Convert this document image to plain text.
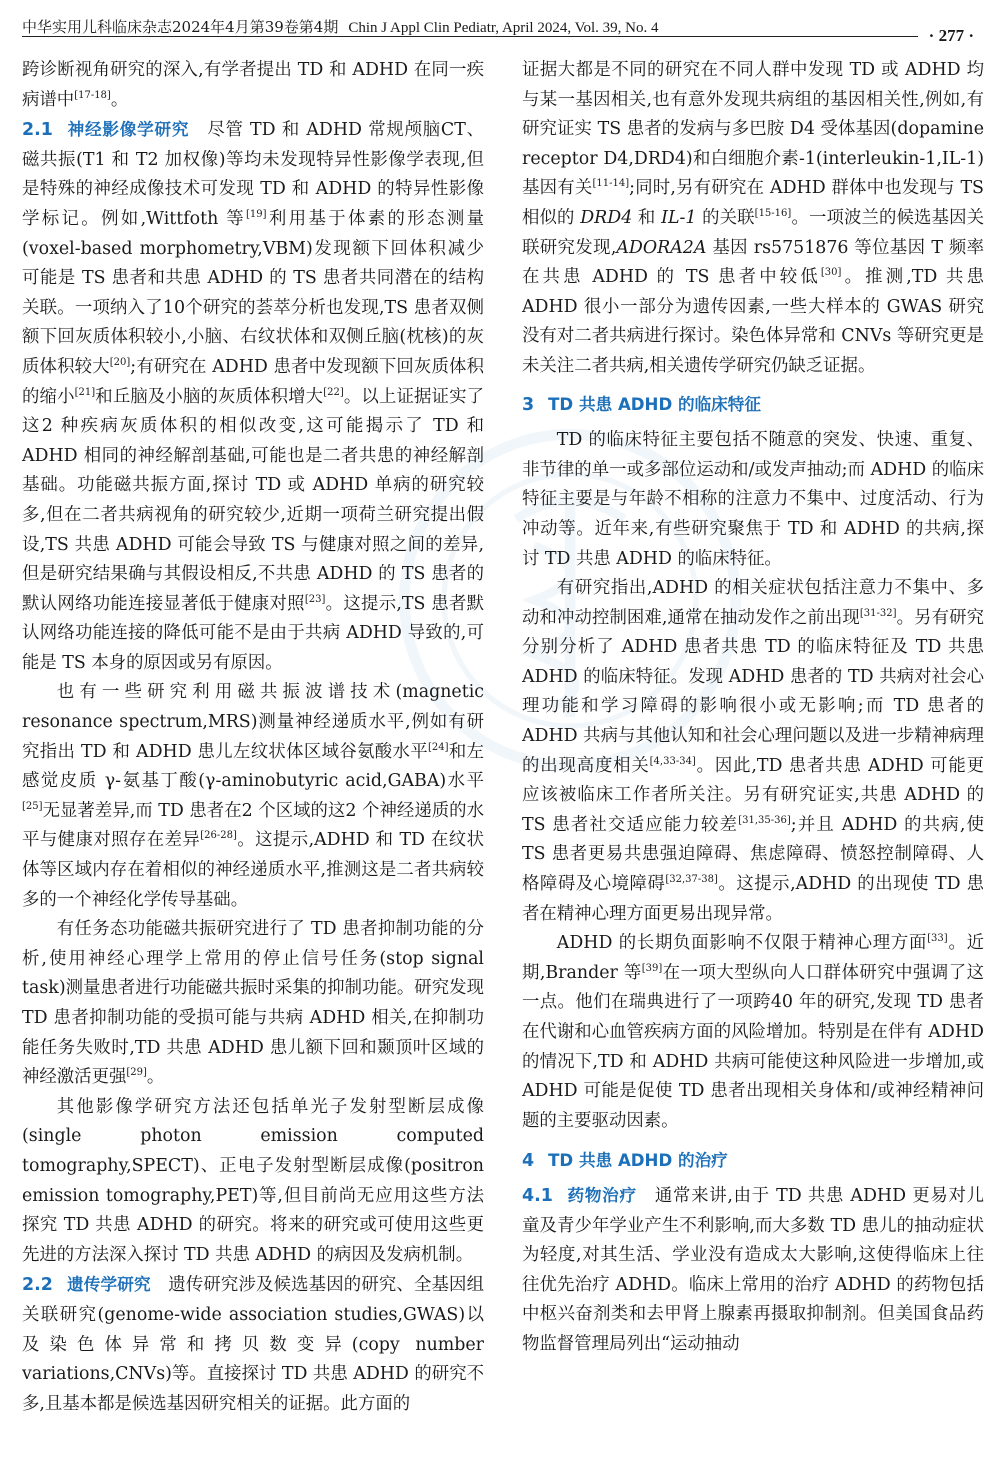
中华实用儿科临床杂志2024年4月第39卷第4期 Chin J Appl Clin Pediatr, April 2024, Vol. 39, No. 4	· 277 ·

跨诊断视角研究的深入,有学者提出 TD 和 ADHD 在同一疾病谱中[17-18]。

2.1 神经影像学研究   尽管 TD 和 ADHD 常规颅脑CT、磁共振(T1 和 T2 加权像)等均未发现特异性影像学表现,但是特殊的神经成像技术可发现 TD 和 ADHD 的特异性影像学标记。例如,Wittfoth 等[19]利用基于体素的形态测量(voxel-based morphometry,VBM)发现额下回体积减少可能是 TS 患者和共患 ADHD 的 TS 患者共同潜在的结构关联。一项纳入了10个研究的荟萃分析也发现,TS 患者双侧额下回灰质体积较小,小脑、右纹状体和双侧丘脑(枕核)的灰质体积较大[20];有研究在 ADHD 患者中发现额下回灰质体积的缩小[21]和丘脑及小脑的灰质体积增大[22]。以上证据证实了这2 种疾病灰质体积的相似改变,这可能揭示了 TD 和 ADHD 相同的神经解剖基础,可能也是二者共患的神经解剖基础。功能磁共振方面,探讨 TD 或 ADHD 单病的研究较多,但在二者共病视角的研究较少,近期一项荷兰研究提出假设,TS 共患 ADHD 可能会导致 TS 与健康对照之间的差异,但是研究结果确与其假设相反,不共患 ADHD 的 TS 患者的默认网络功能连接显著低于健康对照[23]。这提示,TS 患者默认网络功能连接的降低可能不是由于共病 ADHD 导致的,可能是 TS 本身的原因或另有原因。

也有一些研究利用磁共振波谱技术(magnetic resonance spectrum,MRS)测量神经递质水平,例如有研究指出 TD 和 ADHD 患儿左纹状体区域谷氨酸水平[24]和左感觉皮质 γ-氨基丁酸(γ-aminobutyric acid,GABA)水平[25]无显著差异,而 TD 患者在2 个区域的这2 个神经递质的水平与健康对照存在差异[26-28]。这提示,ADHD 和 TD 在纹状体等区域内存在着相似的神经递质水平,推测这是二者共病较多的一个神经化学传导基础。

有任务态功能磁共振研究进行了 TD 患者抑制功能的分析,使用神经心理学上常用的停止信号任务(stop signal task)测量患者进行功能磁共振时采集的抑制功能。研究发现 TD 患者抑制功能的受损可能与共病 ADHD 相关,在抑制功能任务失败时,TD 共患 ADHD 患儿额下回和颞顶叶区域的神经激活更强[29]。

其他影像学研究方法还包括单光子发射型断层成像(single photon emission computed tomography,SPECT)、正电子发射型断层成像(positron emission tomography,PET)等,但目前尚无应用这些方法探究 TD 共患 ADHD 的研究。将来的研究或可使用这些更先进的方法深入探讨 TD 共患 ADHD 的病因及发病机制。

2.2 遗传学研究   遗传研究涉及候选基因的研究、全基因组关联研究(genome-wide association studies,GWAS)以及染色体异常和拷贝数变异(copy number variations,CNVs)等。直接探讨 TD 共患 ADHD 的研究不多,且基本都是候选基因研究相关的证据。此方面的

证据大都是不同的研究在不同人群中发现 TD 或 ADHD 均与某一基因相关,也有意外发现共病组的基因相关性,例如,有研究证实 TS 患者的发病与多巴胺 D4 受体基因(dopamine receptor D4,DRD4)和白细胞介素-1(interleukin-1,IL-1)基因有关[11-14];同时,另有研究在 ADHD 群体中也发现与 TS 相似的 DRD4 和 IL-1 的关联[15-16]。一项波兰的候选基因关联研究发现,ADORA2A 基因 rs5751876 等位基因 T 频率在共患 ADHD 的 TS 患者中较低[30]。推测,TD 共患 ADHD 很小一部分为遗传因素,一些大样本的 GWAS 研究没有对二者共病进行探讨。染色体异常和 CNVs 等研究更是未关注二者共病,相关遗传学研究仍缺乏证据。

3 TD 共患 ADHD 的临床特征

TD 的临床特征主要包括不随意的突发、快速、重复、非节律的单一或多部位运动和/或发声抽动;而 ADHD 的临床特征主要是与年龄不相称的注意力不集中、过度活动、行为冲动等。近年来,有些研究聚焦于 TD 和 ADHD 的共病,探讨 TD 共患 ADHD 的临床特征。

有研究指出,ADHD 的相关症状包括注意力不集中、多动和冲动控制困难,通常在抽动发作之前出现[31-32]。另有研究分别分析了 ADHD 患者共患 TD 的临床特征及 TD 共患 ADHD 的临床特征。发现 ADHD 患者的 TD 共病对社会心理功能和学习障碍的影响很小或无影响;而 TD 患者的 ADHD 共病与其他认知和社会心理问题以及进一步精神病理的出现高度相关[4,33-34]。因此,TD 患者共患 ADHD 可能更应该被临床工作者所关注。另有研究证实,共患 ADHD 的 TS 患者社交适应能力较差[31,35-36];并且 ADHD 的共病,使 TS 患者更易共患强迫障碍、焦虑障碍、愤怒控制障碍、人格障碍及心境障碍[32,37-38]。这提示,ADHD 的出现使 TD 患者在精神心理方面更易出现异常。

ADHD 的长期负面影响不仅限于精神心理方面[33]。近期,Brander 等[39]在一项大型纵向人口群体研究中强调了这一点。他们在瑞典进行了一项跨40 年的研究,发现 TD 患者在代谢和心血管疾病方面的风险增加。特别是在伴有 ADHD 的情况下,TD 和 ADHD 共病可能使这种风险进一步增加,或 ADHD 可能是促使 TD 患者出现相关身体和/或神经精神问题的主要驱动因素。

4 TD 共患 ADHD 的治疗

4.1 药物治疗   通常来讲,由于 TD 共患 ADHD 更易对儿童及青少年学业产生不利影响,而大多数 TD 患儿的抽动症状为轻度,对其生活、学业没有造成太大影响,这使得临床上往往优先治疗 ADHD。临床上常用的治疗 ADHD 的药物包括中枢兴奋剂类和去甲肾上腺素再摄取抑制剂。但美国食品药物监督管理局列出“运动抽动
